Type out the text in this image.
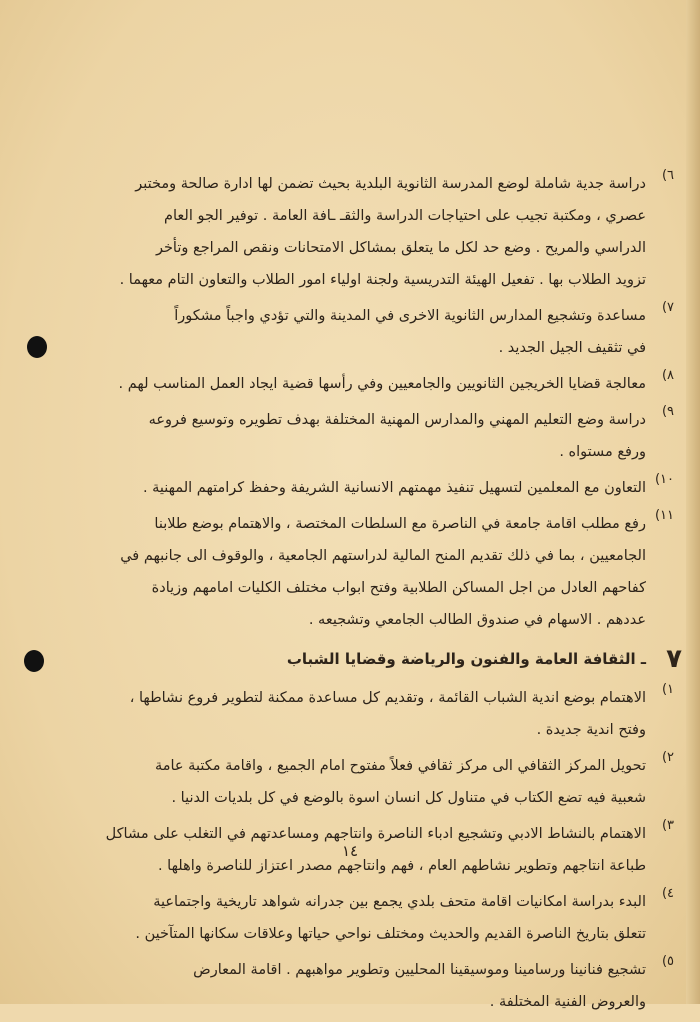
٦)
دراسة جدية شاملة لوضع المدرسة الثانوية البلدية بحيث تضمن لها ادارة صالحة ومختبر
عصري ، ومكتبة تجيب على احتياجات الدراسة والثقـ ـافة العامة . توفير الجو العام
الدراسي والمريح . وضع حد لكل ما يتعلق بمشاكل الامتحانات ونقص المراجع وتأخر
تزويد الطلاب بها . تفعيل الهيئة التدريسية ولجنة اولياء امور الطلاب والتعاون التام معهما .
٧)
مساعدة وتشجيع المدارس الثانوية الاخرى في المدينة والتي تؤدي واجباً مشكوراً
في تثقيف الجيل الجديد .
٨)
معالجة قضايا الخريجين الثانويين والجامعيين وفي رأسها قضية ايجاد العمل المناسب لهم .
٩)
دراسة وضع التعليم المهني والمدارس المهنية المختلفة بهدف تطويره وتوسيع فروعه
ورفع مستواه .
١٠)
التعاون مع المعلمين لتسهيل تنفيذ مهمتهم الانسانية الشريفة وحفظ كرامتهم المهنية .
١١)
رفع مطلب اقامة جامعة في الناصرة مع السلطات المختصة ، والاهتمام بوضع طلابنا
الجامعيين ، بما في ذلك تقديم المنح المالية لدراستهم الجامعية ، والوقوف الى جانبهم في
كفاحهم العادل من اجل المساكن الطلابية وفتح ابواب مختلف الكليات امامهم وزيادة
عددهم . الاسهام في صندوق الطالب الجامعي وتشجيعه .
٧
ـ الثقافة العامة والفنون والرياضة وقضايا الشباب
١)
الاهتمام بوضع اندية الشباب القائمة ، وتقديم كل مساعدة ممكنة لتطوير فروع نشاطها ،
وفتح اندية جديدة .
٢)
تحويل المركز الثقافي الى مركز ثقافي فعلاً مفتوح امام الجميع ، واقامة مكتبة عامة
شعبية فيه تضع الكتاب في متناول كل انسان اسوة بالوضع في كل بلديات الدنيا .
٣)
الاهتمام بالنشاط الادبي وتشجيع ادباء الناصرة وانتاجهم ومساعدتهم في التغلب على مشاكل
طباعة انتاجهم وتطوير نشاطهم العام ، فهم وانتاجهم مصدر اعتزاز للناصرة واهلها .
٤)
البدء بدراسة امكانيات اقامة متحف بلدي يجمع بين جدرانه شواهد تاريخية واجتماعية
تتعلق بتاريخ الناصرة القديم والحديث ومختلف نواحي حياتها وعلاقات سكانها المتآخين .
٥)
تشجيع فنانينا ورسامينا وموسيقينا المحليين وتطوير مواهبهم . اقامة المعارض
والعروض الفنية المختلفة .
١٤
